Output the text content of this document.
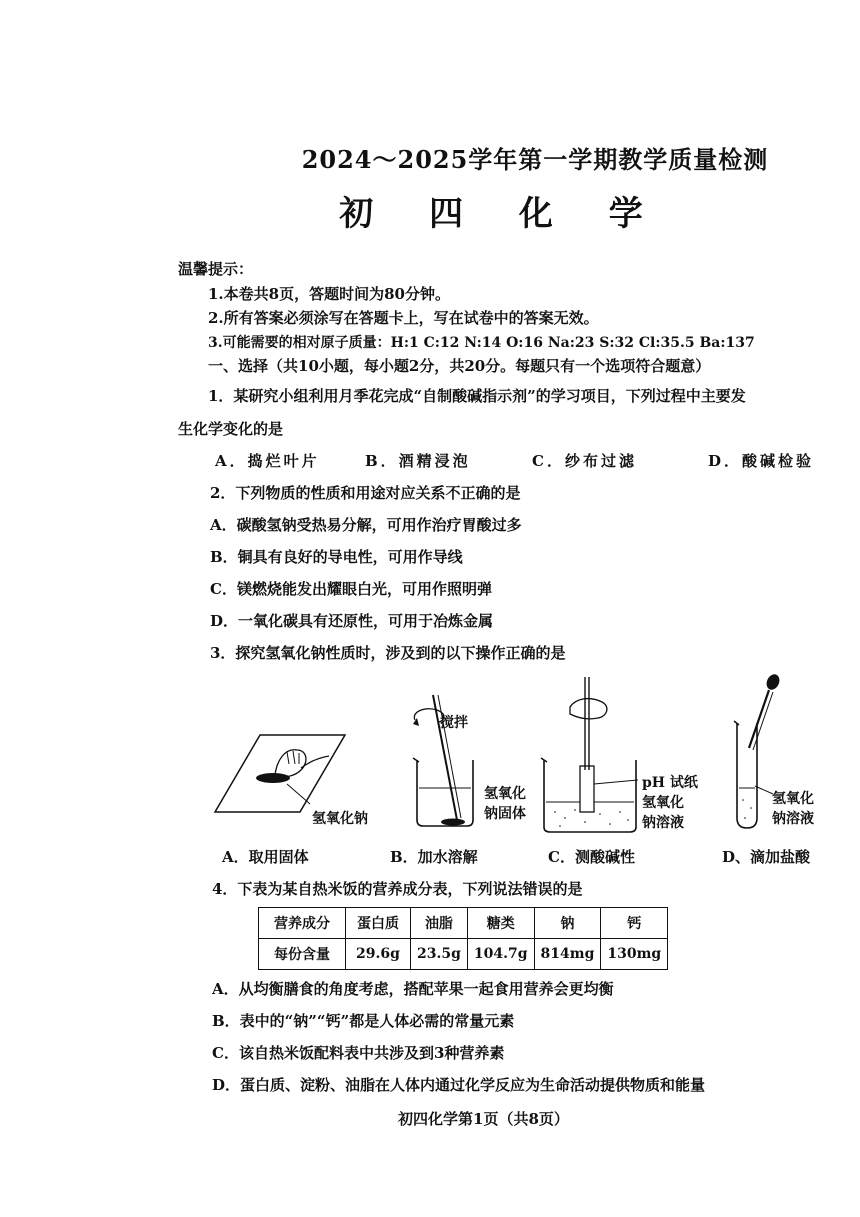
2024～2025学年第一学期教学质量检测
初 四 化 学
温馨提示：
1.本卷共8页，答题时间为80分钟。
2.所有答案必须涂写在答题卡上，写在试卷中的答案无效。
3.可能需要的相对原子质量：H:1 C:12 N:14 O:16 Na:23 S:32 Cl:35.5 Ba:137
一、选择（共10小题，每小题2分，共20分。每题只有一个选项符合题意）
1．某研究小组利用月季花完成“自制酸碱指示剂”的学习项目，下列过程中主要发
生化学变化的是
A．捣烂叶片	B．酒精浸泡	C．纱布过滤	D．酸碱检验
2．下列物质的性质和用途对应关系不正确的是
A．碳酸氢钠受热易分解，可用作治疗胃酸过多
B．铜具有良好的导电性，可用作导线
C．镁燃烧能发出耀眼白光，可用作照明弹
D．一氧化碳具有还原性，可用于冶炼金属
3．探究氢氧化钠性质时，涉及到的以下操作正确的是
氢氧化钠
搅拌
氢氧化
钠固体
pH 试纸
氢氧化
钠溶液
氢氧化
钠溶液
A．取用固体	B．加水溶解	C．测酸碱性	D、滴加盐酸
4．下表为某自热米饭的营养成分表，下列说法错误的是
营养成分	蛋白质	油脂	糖类	钠	钙
每份含量	29.6g	23.5g	104.7g	814mg	130mg
A．从均衡膳食的角度考虑，搭配苹果一起食用营养会更均衡
B．表中的“钠”“钙”都是人体必需的常量元素
C．该自热米饭配料表中共涉及到3种营养素
D．蛋白质、淀粉、油脂在人体内通过化学反应为生命活动提供物质和能量
初四化学第1页（共8页）
